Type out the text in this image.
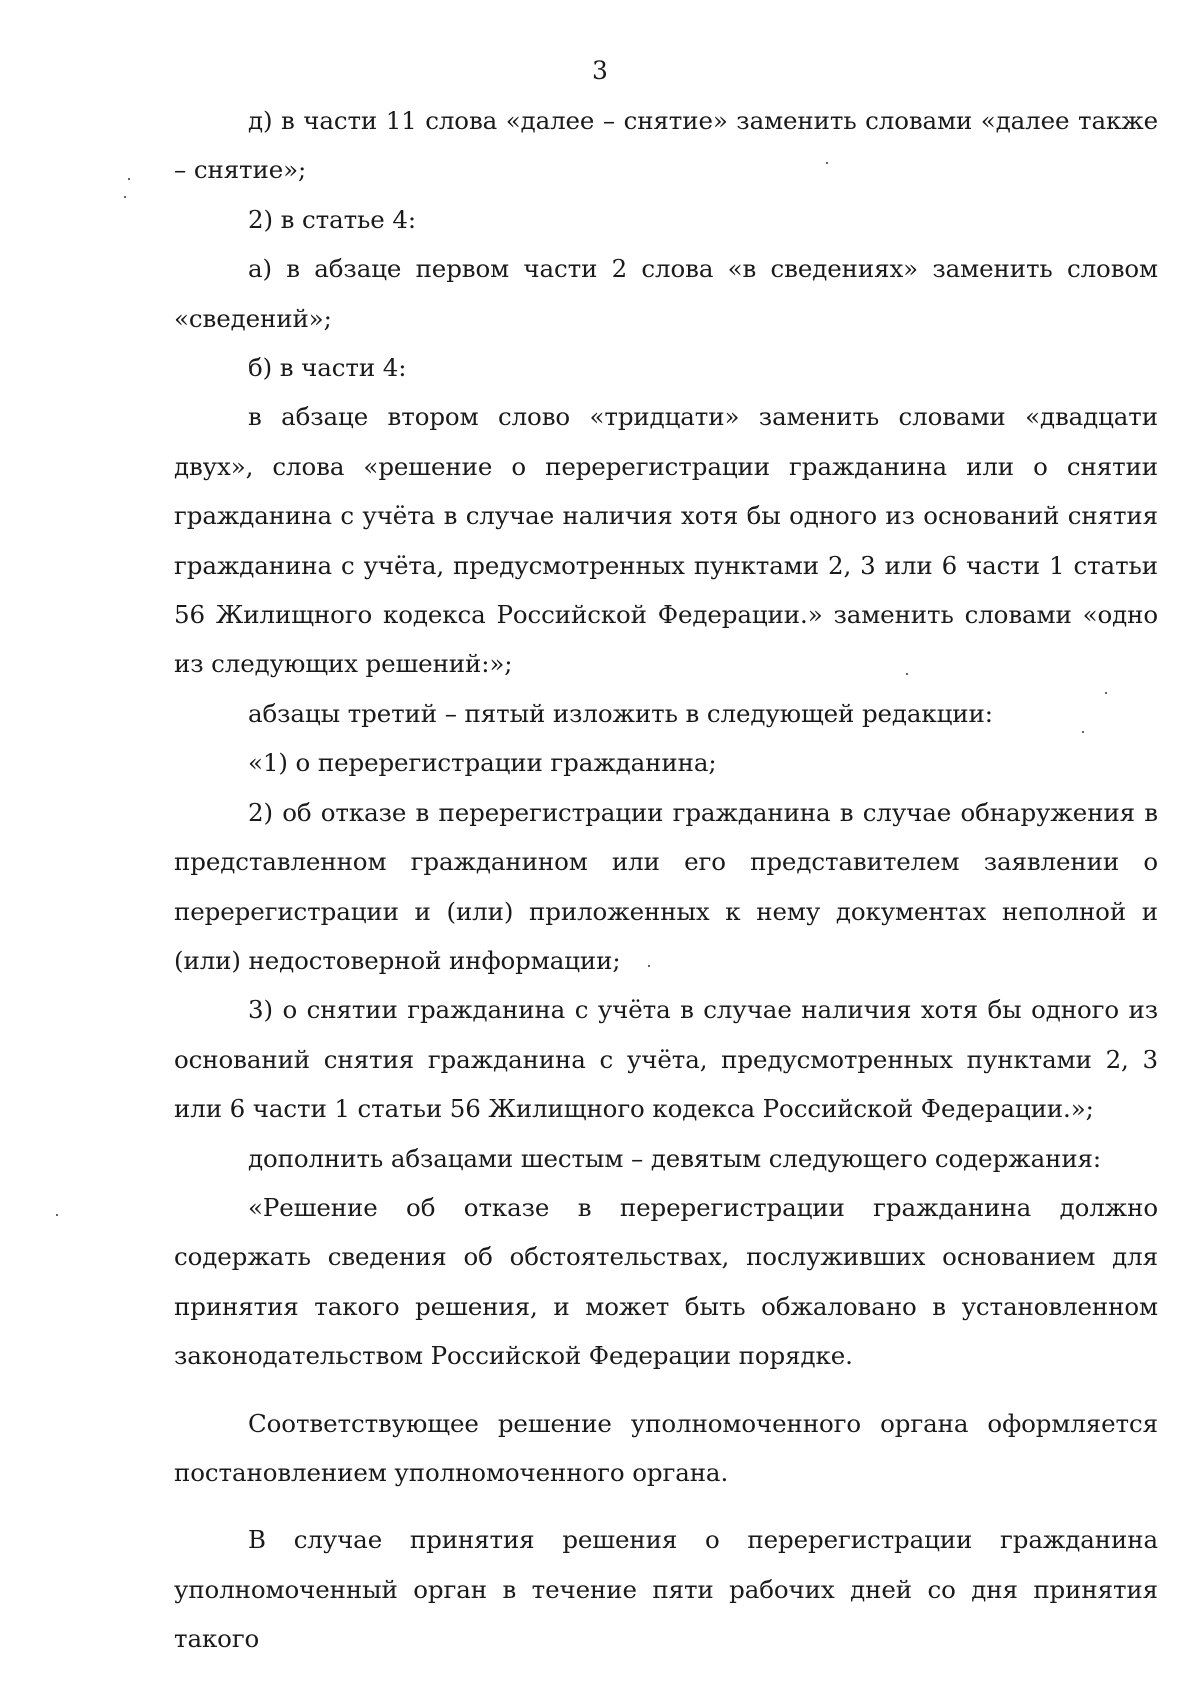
3

д) в части 11 слова «далее – снятие» заменить словами «далее также – снятие»;

2) в статье 4:

а) в абзаце первом части 2 слова «в сведениях» заменить словом «сведений»;

б) в части 4:

в абзаце втором слово «тридцати» заменить словами «двадцати двух», слова «решение о перерегистрации гражданина или о снятии гражданина с учёта в случае наличия хотя бы одного из оснований снятия гражданина с учёта, предусмотренных пунктами 2, 3 или 6 части 1 статьи 56 Жилищного кодекса Российской Федерации.» заменить словами «одно из следующих решений:»;

абзацы третий – пятый изложить в следующей редакции:

«1) о перерегистрации гражданина;

2) об отказе в перерегистрации гражданина в случае обнаружения в представленном гражданином или его представителем заявлении о перерегистрации и (или) приложенных к нему документах неполной и (или) недостоверной информации;

3) о снятии гражданина с учёта в случае наличия хотя бы одного из оснований снятия гражданина с учёта, предусмотренных пунктами 2, 3 или 6 части 1 статьи 56 Жилищного кодекса Российской Федерации.»;

дополнить абзацами шестым – девятым следующего содержания:

«Решение об отказе в перерегистрации гражданина должно содержать сведения об обстоятельствах, послуживших основанием для принятия такого решения, и может быть обжаловано в установленном законодательством Российской Федерации порядке.

Соответствующее решение уполномоченного органа оформляется постановлением уполномоченного органа.

В случае принятия решения о перерегистрации гражданина уполномоченный орган в течение пяти рабочих дней со дня принятия такого
